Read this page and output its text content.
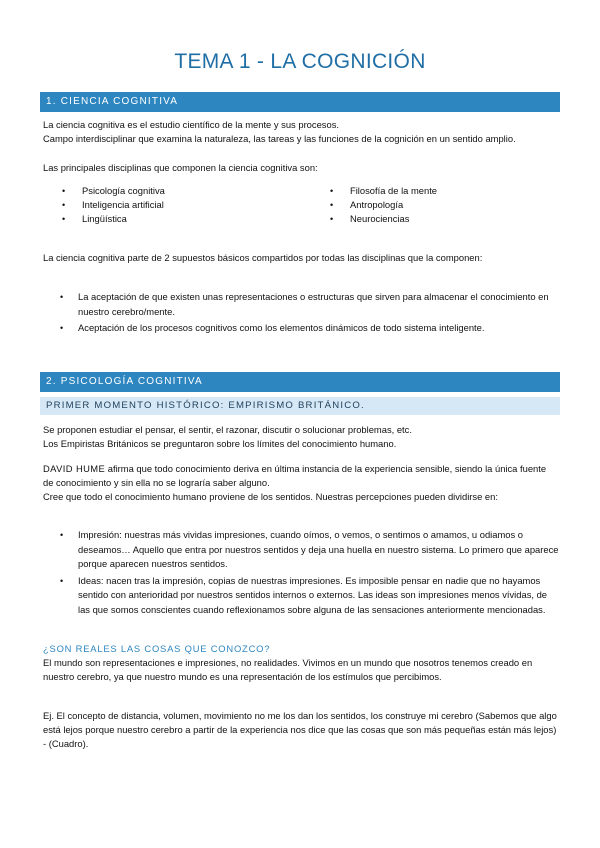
TEMA 1 - LA COGNICIÓN
1. CIENCIA COGNITIVA

La ciencia cognitiva es el estudio científico de la mente y sus procesos.

Campo interdisciplinar que examina la naturaleza, las tareas y las funciones de la cognición en un sentido amplio.

Las principales disciplinas que componen la ciencia cognitiva son:

• Psicología cognitiva
• Inteligencia artificial
• Lingüística
• Filosofía de la mente
• Antropología
• Neurociencias

La ciencia cognitiva parte de 2 supuestos básicos compartidos por todas las disciplinas que la componen:

• La aceptación de que existen unas representaciones o estructuras que sirven para almacenar el conocimiento en nuestro cerebro/mente.
• Aceptación de los procesos cognitivos como los elementos dinámicos de todo sistema inteligente.
2. PSICOLOGÍA COGNITIVA
PRIMER MOMENTO HISTÓRICO: EMPIRISMO BRITÁNICO.

Se proponen estudiar el pensar, el sentir, el razonar, discutir o solucionar problemas, etc.

Los Empiristas Británicos se preguntaron sobre los límites del conocimiento humano.

DAVID HUME afirma que todo conocimiento deriva en última instancia de la experiencia sensible, siendo la única fuente de conocimiento y sin ella no se lograría saber alguno.

Cree que todo el conocimiento humano proviene de los sentidos. Nuestras percepciones pueden dividirse en:

• Impresión: nuestras más vividas impresiones, cuando oímos, o vemos, o sentimos o amamos, u odiamos o deseamos… Aquello que entra por nuestros sentidos y deja una huella en nuestro sistema. Lo primero que aparece porque aparecen nuestros sentidos.
• Ideas: nacen tras la impresión, copias de nuestras impresiones. Es imposible pensar en nadie que no hayamos sentido con anterioridad por nuestros sentidos internos o externos. Las ideas son impresiones menos vívidas, de las que somos conscientes cuando reflexionamos sobre alguna de las sensaciones anteriormente mencionadas.
¿SON REALES LAS COSAS QUE CONOZCO?

El mundo son representaciones e impresiones, no realidades. Vivimos en un mundo que nosotros tenemos creado en nuestro cerebro, ya que nuestro mundo es una representación de los estímulos que percibimos.

Ej. El concepto de distancia, volumen, movimiento no me los dan los sentidos, los construye mi cerebro (Sabemos que algo está lejos porque nuestro cerebro a partir de la experiencia nos dice que las cosas que son más pequeñas están más lejos) - (Cuadro).
